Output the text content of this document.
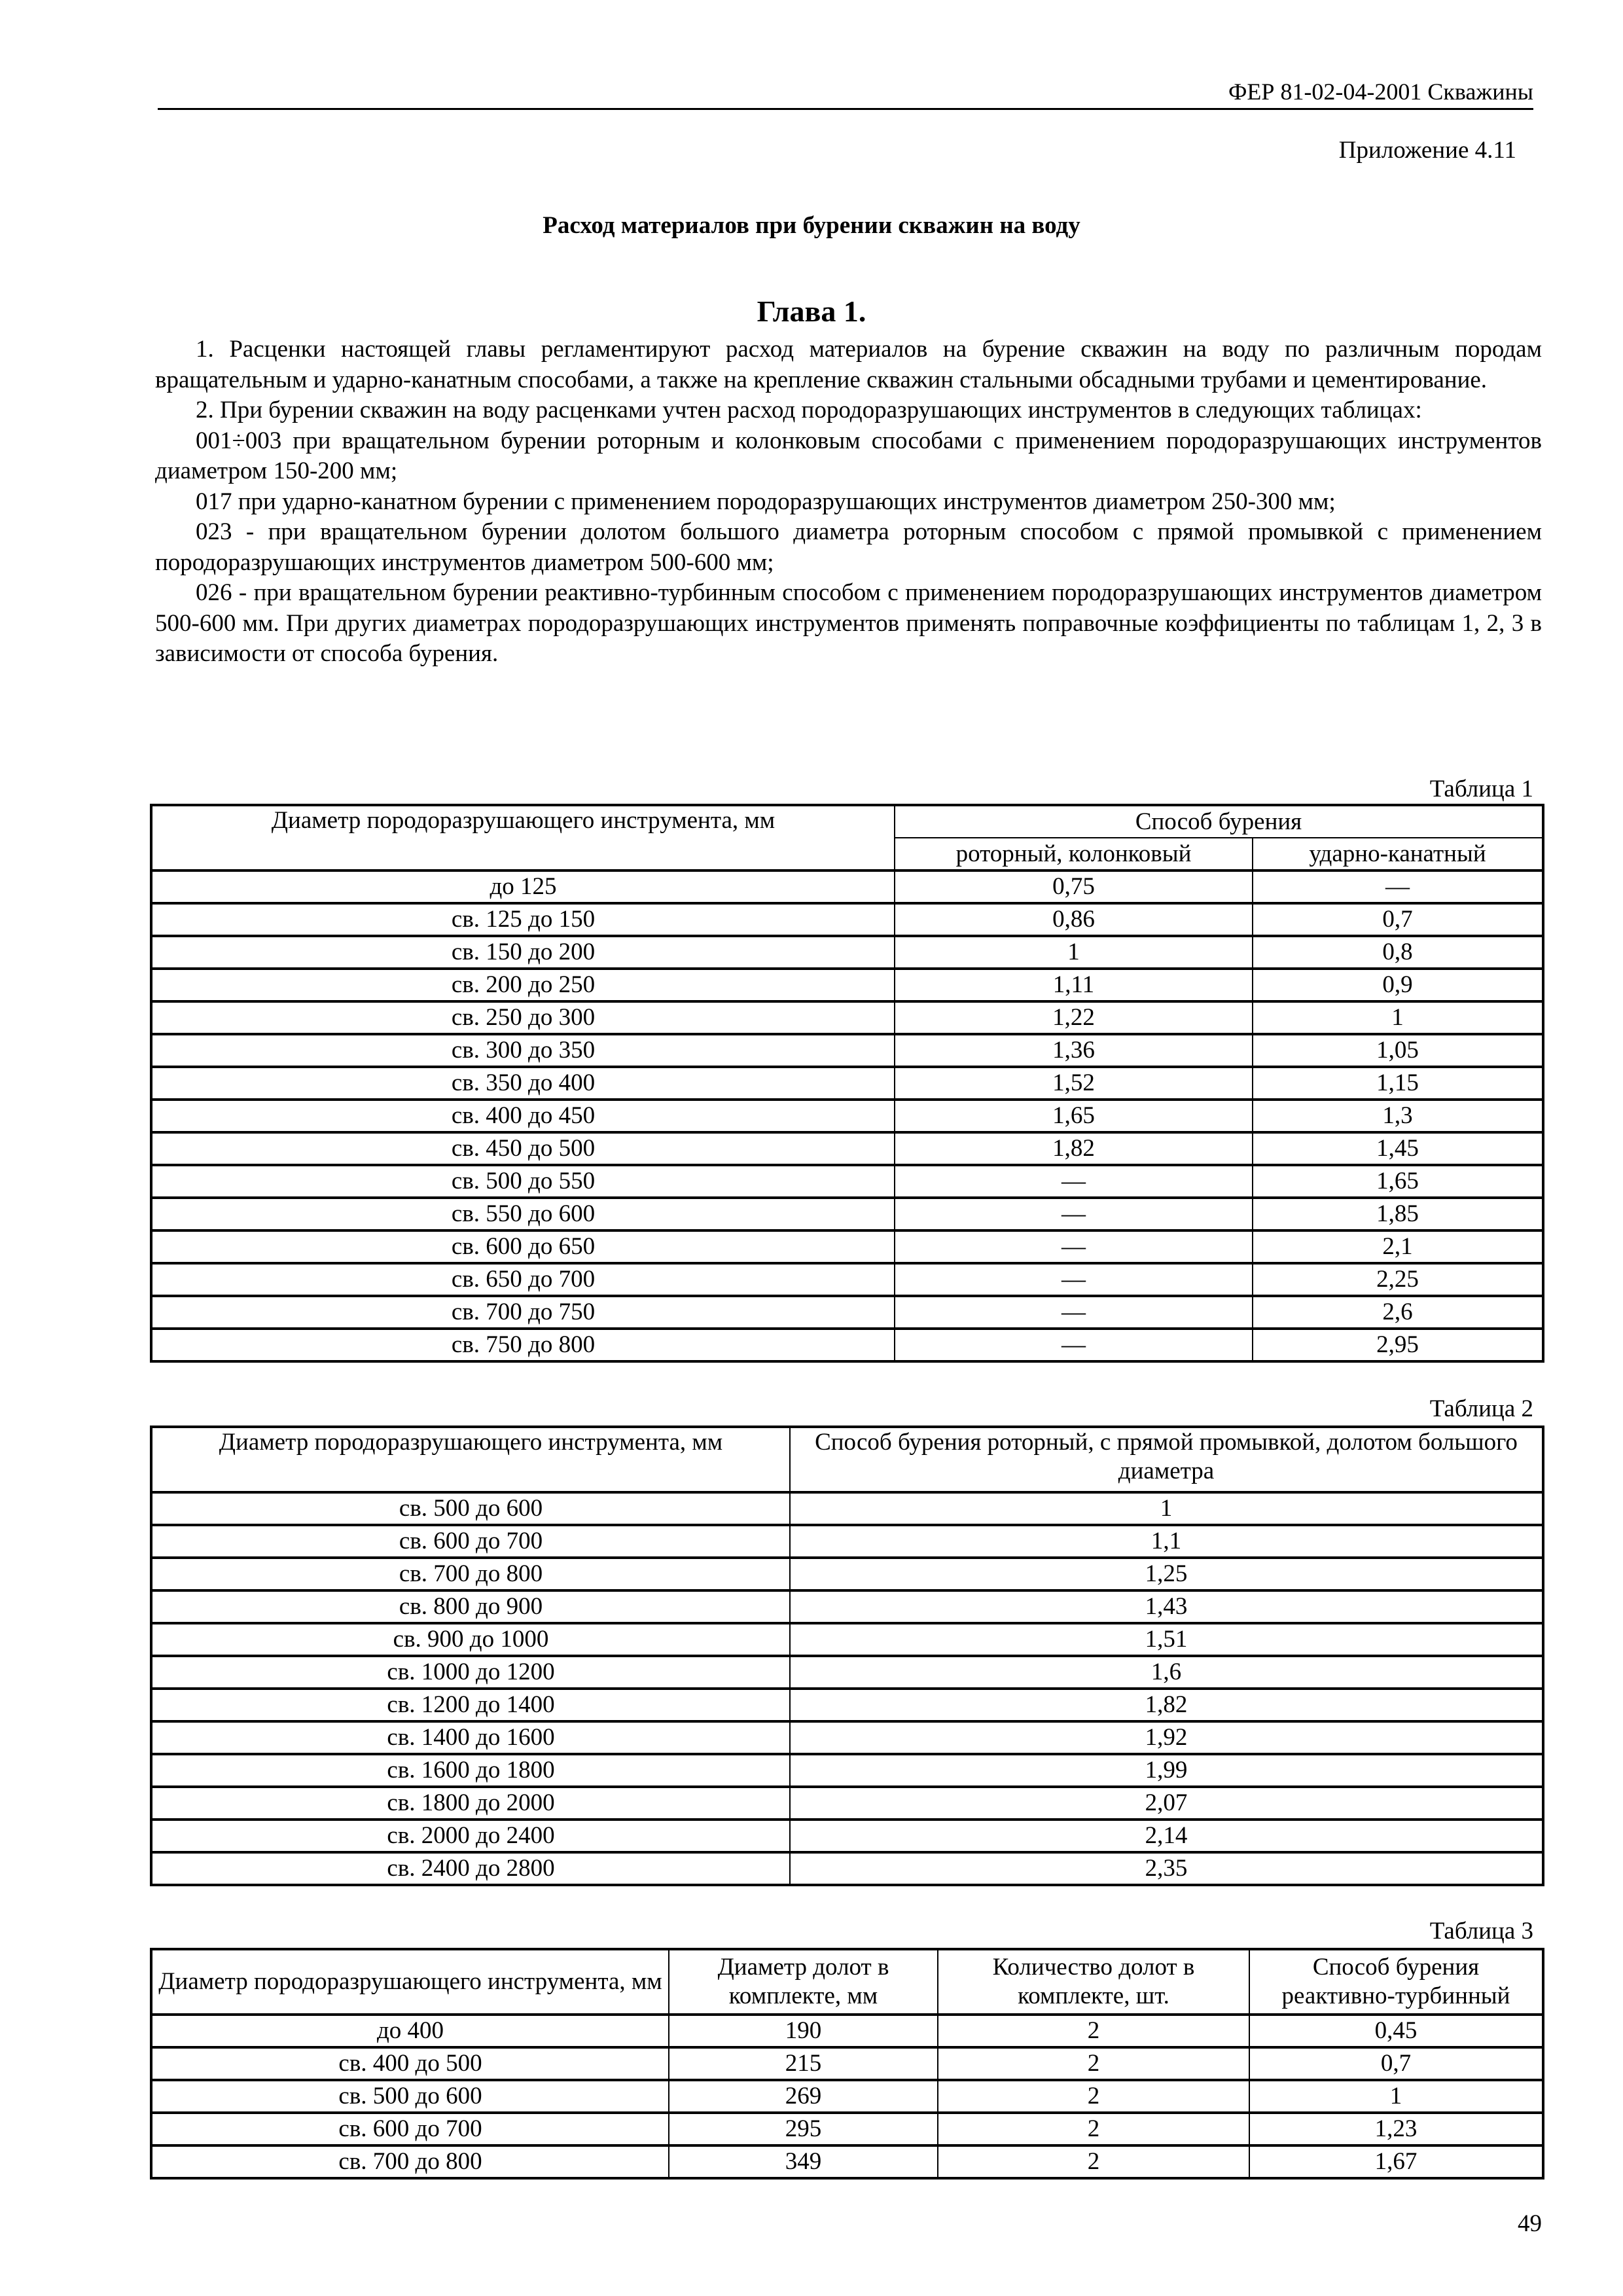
ФЕР 81-02-04-2001 Скважины
Приложение 4.11
Расход материалов при бурении скважин на воду
Глава 1.

1. Расценки настоящей главы регламентируют расход материалов на бурение скважин на воду по различным породам вращательным и ударно-канатным способами, а также на крепление скважин стальными обсадными трубами и цементирование.

2. При бурении скважин на воду расценками учтен расход породоразрушающих инструментов в следующих таблицах:

001÷003 при вращательном бурении роторным и колонковым способами с применением породоразрушающих инструментов диаметром 150-200 мм;

017 при ударно-канатном бурении с применением породоразрушающих инструментов диаметром 250-300 мм;

023 - при вращательном бурении долотом большого диаметра роторным способом с прямой промывкой с применением породоразрушающих инструментов диаметром 500-600 мм;

026 - при вращательном бурении реактивно-турбинным способом с применением породоразрушающих инструментов диаметром 500-600 мм. При других диаметрах породоразрушающих инструментов применять поправочные коэффициенты по таблицам 1, 2, 3 в зависимости от способа бурения.

Таблица 1
Диаметр породоразрушающего инструмента, мм	Способ бурения	
	роторный, колонковый	ударно-канатный
до 125	0,75	—
св. 125 до 150	0,86	0,7
св. 150 до 200	1	0,8
св. 200 до 250	1,11	0,9
св. 250 до 300	1,22	1
св. 300 до 350	1,36	1,05
св. 350 до 400	1,52	1,15
св. 400 до 450	1,65	1,3
св. 450 до 500	1,82	1,45
св. 500 до 550	—	1,65
св. 550 до 600	—	1,85
св. 600 до 650	—	2,1
св. 650 до 700	—	2,25
св. 700 до 750	—	2,6
св. 750 до 800	—	2,95
Таблица 2
Диаметр породоразрушающего инструмента, мм	Способ бурения роторный, с прямой промывкой, долотом большого диаметра
св. 500 до 600	1
св. 600 до 700	1,1
св. 700 до 800	1,25
св. 800 до 900	1,43
св. 900 до 1000	1,51
св. 1000 до 1200	1,6
св. 1200 до 1400	1,82
св. 1400 до 1600	1,92
св. 1600 до 1800	1,99
св. 1800 до 2000	2,07
св. 2000 до 2400	2,14
св. 2400 до 2800	2,35
Таблица 3
Диаметр породоразрушающего инструмента, мм	Диаметр долот в комплекте, мм	Количество долот в комплекте, шт.	Способ бурения реактивно-турбинный
до 400	190	2	0,45
св. 400 до 500	215	2	0,7
св. 500 до 600	269	2	1
св. 600 до 700	295	2	1,23
св. 700 до 800	349	2	1,67
49
